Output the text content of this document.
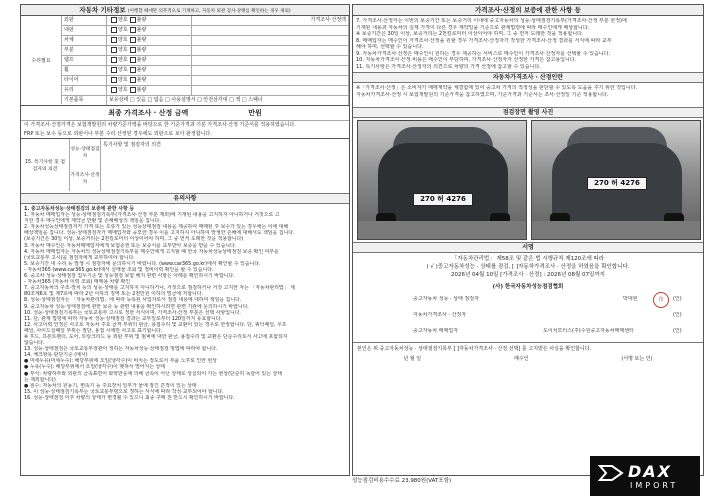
자동차 기타정보 (이행할 때에만 의무적으로 기재하고, 자동차 외관 검사·상태를 확인하는 경우 제외)
수리필요
외판	양호 불량	가격조사·산정액
내판	양호 불량
차체	양호 불량
부분	양호 불량
램프	양호 불량
휠	양호 불량
타이어	양호 불량
유리	양호 불량
기본품목	보유상태 □ 있음 □ 없음 □ 사용설명서 □ 안전삼각대 □ 잭 □ 스패너
최종 가격조사 · 산정 금액	만원
이 가격조사·산정가격은 보험개발원의 차량기준가액을 바탕으로 한 기준가격과 기분 가격조사·산정 기준서를 적용하였습니다.
FRP 또는 보수 등으로 외판이나 부분 수리 산정된 경우에도 외판으로 보아 판정합니다.
15. 특기사항 및 점검자의 의견
성능·상태점검자
가격조사·산정자
특기사항 및 점검자의 의견
유의사항
1. 중고자동차성능·상태점검의 보증에 관한 사항 등
1. 자동차 매매업자는 성능·상태점검기록부(가격조사·산정 부분 제외)에 기재된 내용을 고지하지 아니하거나 거짓으로 고
지한 경우 매수인에게 계약금 반환 및 손해배상의 책임을 집니다.
2. 자동차성능상태점검자가 가격 또는 오류가 있는 성능상태점검 내용을 제공하여 매매된 후 보수가 있는 경우에는 이에 대해
배상책임을 집니다. 성능·상태점검자가 매매업자와 공모한 경우 이를 고지하지 아니하여 발생한 손해에 대해서도 책임을 집니다.
(보증기간은 30일 이상, 보증거리는 2천킬로미터 이상이어야 하며, 그 중 먼저 도래한 것을 적용합니다)
3. 자동차 매수인은 자동차매매업자에게 보험증권 또는 보증서를 교부받아 보증을 받을 수 있습니다.
4. 자동차 매매업자는 자동차의 성능상태점검기록부를 매수인에게 고지할 때 한국 자동차성능상태점검 보증 확인 여부를
(국토교통부 고시)을 점검자에게 교부하여야 합니다.
5. 보증기간 내 수리 등 발생 시 점검자에 문의하시기 바랍니다. (www.car365.go.kr)에서 확인할 수 있습니다.
- 자동차365 (www.car365.go.kr)에서 실매물 조회 및 정비이력 확인을 할 수 있습니다.
6. 중고차 성능·상태점검 업무기준 및 성능점검 보험 해지 관련 사항은 아래를 확인하시기 바랍니다.
- 자동차365 (자동차 이력 조회) 매매용 차량 확인
7. 중고자동차의 구조·장치 등의 성능·상태를 고지하지 아니하거나, 거짓으로 점검하거나 거짓 고지한 자는 「자동차관리법」 제
80조제6호 및 제7호에 따라 2년 이하의 징역 또는 2천만원 이하의 벌금에 처합니다.
8. 성능·상태점검자는 「자동차관리법」에 따라 등록된 사업자로서 점검 내용에 대하여 책임을 집니다.
9. 중고자동차 성능·상태점검에 관한 보증 등 관련 내용을 확인하시려면 관련 기관에 문의하시기 바랍니다.
10. 성능·상태점검기록부는 국토교통부 고시로 정한 서식이며, 가격조사·산정 부분은 선택 사항입니다.
11. 단, 관계 법령에 따라 자동차 성능·상태점검 결과는 교부일로부터 120일까지 유효합니다.
12. 사고이력 인정은 사고로 자동차 주요 골격 부위의 판금, 용접수리 및 교환이 있는 경우로 한정합니다. 단, 쿼터패널, 루프
패널, 사이드실패널 부위는 절단, 용접 시에만 사고로 표기합니다.
※ 후드, 프론트펜더, 도어, 트렁크리드 등 외판 부위 및 범퍼에 대한 판금, 용접수리 및 교환은 단순수리로서 사고에 포함되지
않습니다.
13. 성능·상태점검은 국토교통부장관이 정하는 자동차성능·상태점검 방법에 따라야 합니다.
14. 체크항목 판단기준 (예시)
● 미세누유(미세누수): 해당부위에 오일(냉각수)이 비치는 정도로서 부품 노후로 인한 현상
● 누유(누수): 해당부위에서 오일(냉각수)이 맺혀서 떨어지는 상태
● 부식: 차량하부와 외판의 금속표면이 화학반응에 의해 금속이 아닌 상태로 상실되어 가는 현상(단순히 녹슬어 있는 상태
는 제외합니다)
● 침수: 자동차의 원동기, 변속기 등 주요장치 일부가 물에 잠긴 흔적이 있는 상태
15. 이 성능·상태점검기록부는 국토교통부령으로 정하는 서식에 따라 작성·교부되어야 합니다.
16. 성능·상태점검 이후 차량의 상태가 변경될 수 있으니 최종 구매 전 반드시 확인하시기 바랍니다.
가격조사·산정의 보증에 관한 사항 등
7. 가격조사·산정자는 이번의 보증기간 또는 보증거리 이내에 중고자동차의 성능·상태점검기록부(가격조사·산정 부분 한정)에
기재된 내용과 자동차의 실제 가격이 다른 경우 계약일을 기준으로 관계법령에 따라 매수인에게 배상합니다.
※ 보증기간은 30일 이상, 보증거리는 2천킬로미터 이상이어야 하며, 그 중 먼저 도래한 것을 적용합니다.
8. 매매업자는 매수인이 가격조사·산정을 원할 경우 가격조사·산정자가 작성한 가격조사·산정 결과를 서식에 따라 교부
해야 하며, 선택할 수 있습니다.
9. 자동차가격조사·산정은 매수인이 원하는 경우 제공하는 서비스로 매수인이 가격조사·산정자를 선택할 수 있습니다.
10. 자동차가격조사·산정 비용은 매수인이 부담하며, 가격조사·산정자가 산정한 가격은 참고용입니다.
11. 특기사항은 가격조사·산정자의 의견으로 차량의 가격 산정에 참고할 수 있습니다.
자동차가격조사 · 산정인란
※「가격조사·산정」은 소비자가 매매계약을 체결함에 있어 중고차 가격의 적정성을 판단할 수 있도록 도움을 주기 위한 것입니다.
자동차가격조사·산정 시 보험개발원의 기준가격을 참고하였으며, 기준가격과 기준서는 조사·산정일 기준 적용합니다.
점검장면 촬영 사진
270 허 4276
270 허 4276
서명
「자동차관리법」 제58조 및 같은 법 시행규칙 제120조에 따라
( √ )중고자동차성능 · 상태를 점검, [ ]자동차가격조사 · 산정을 하였음을 확인합니다.
2026년 04월 10일 [가격조사 · 산정] : 2026년 08월 07일까지
(사) 한국자동차성능점검협회
중고자동차 성능 · 상태 점검자	박대현	印	(인)
자동차가격조사 · 산정자	(인)
중고자동차 매매업자	도이치모터스(주)수원중고자동차매매센터	(인)
본인은 위 중고자동차성능 · 상태점검기록부 [ ]자동차가격조사 · 산정 선택] 를 고지받은 사실을 확인합니다.
년 월 일	매수인	(서명 또는 인)
성능점검비용수수료 23,980원(VAT포함)	DAX
IMPORT
